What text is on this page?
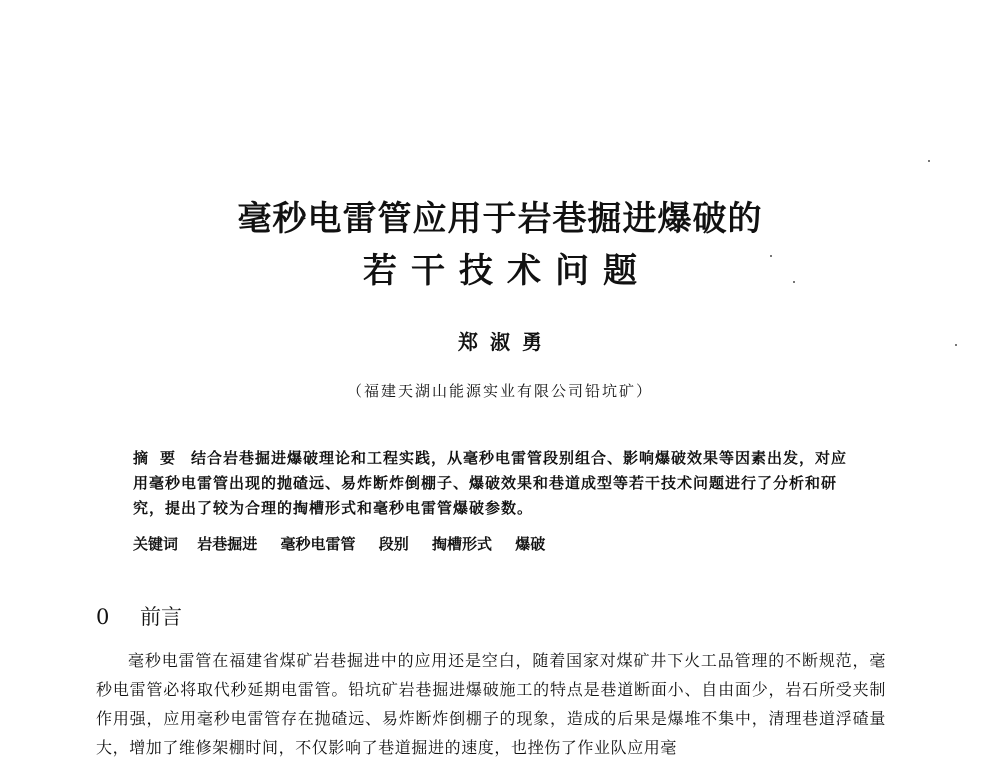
毫秒电雷管应用于岩巷掘进爆破的
若干技术问题
郑淑勇
（福建天湖山能源实业有限公司铅坑矿）
摘要 结合岩巷掘进爆破理论和工程实践，从毫秒电雷管段别组合、影响爆破效果等因素出发，对应用毫秒电雷管出现的抛碴远、易炸断炸倒棚子、爆破效果和巷道成型等若干技术问题进行了分析和研究，提出了较为合理的掏槽形式和毫秒电雷管爆破参数。
关键词 岩巷掘进 毫秒电雷管 段别 掏槽形式 爆破
0 前言
毫秒电雷管在福建省煤矿岩巷掘进中的应用还是空白，随着国家对煤矿井下火工品管理的不断规范，毫秒电雷管必将取代秒延期电雷管。铅坑矿岩巷掘进爆破施工的特点是巷道断面小、自由面少，岩石所受夹制作用强，应用毫秒电雷管存在抛碴远、易炸断炸倒棚子的现象，造成的后果是爆堆不集中，清理巷道浮碴量大，增加了维修架棚时间，不仅影响了巷道掘进的速度，也挫伤了作业队应用毫
